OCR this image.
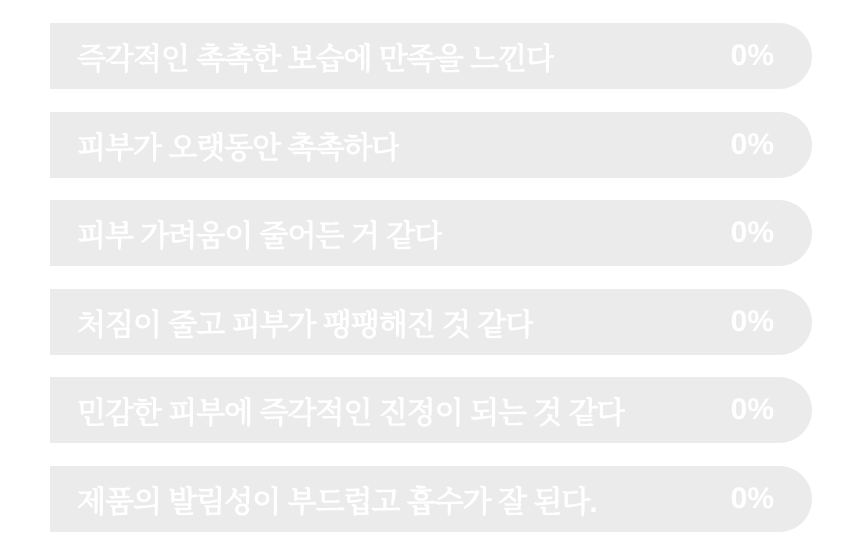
즉각적인 촉촉한 보습에 만족을 느낀다	0%
피부가 오랫동안 촉촉하다	0%
피부 가려움이 줄어든 거 같다	0%
처짐이 줄고 피부가 팽팽해진 것 같다	0%
민감한 피부에 즉각적인 진정이 되는 것 같다	0%
제품의 발림성이 부드럽고 흡수가 잘 된다.	0%
